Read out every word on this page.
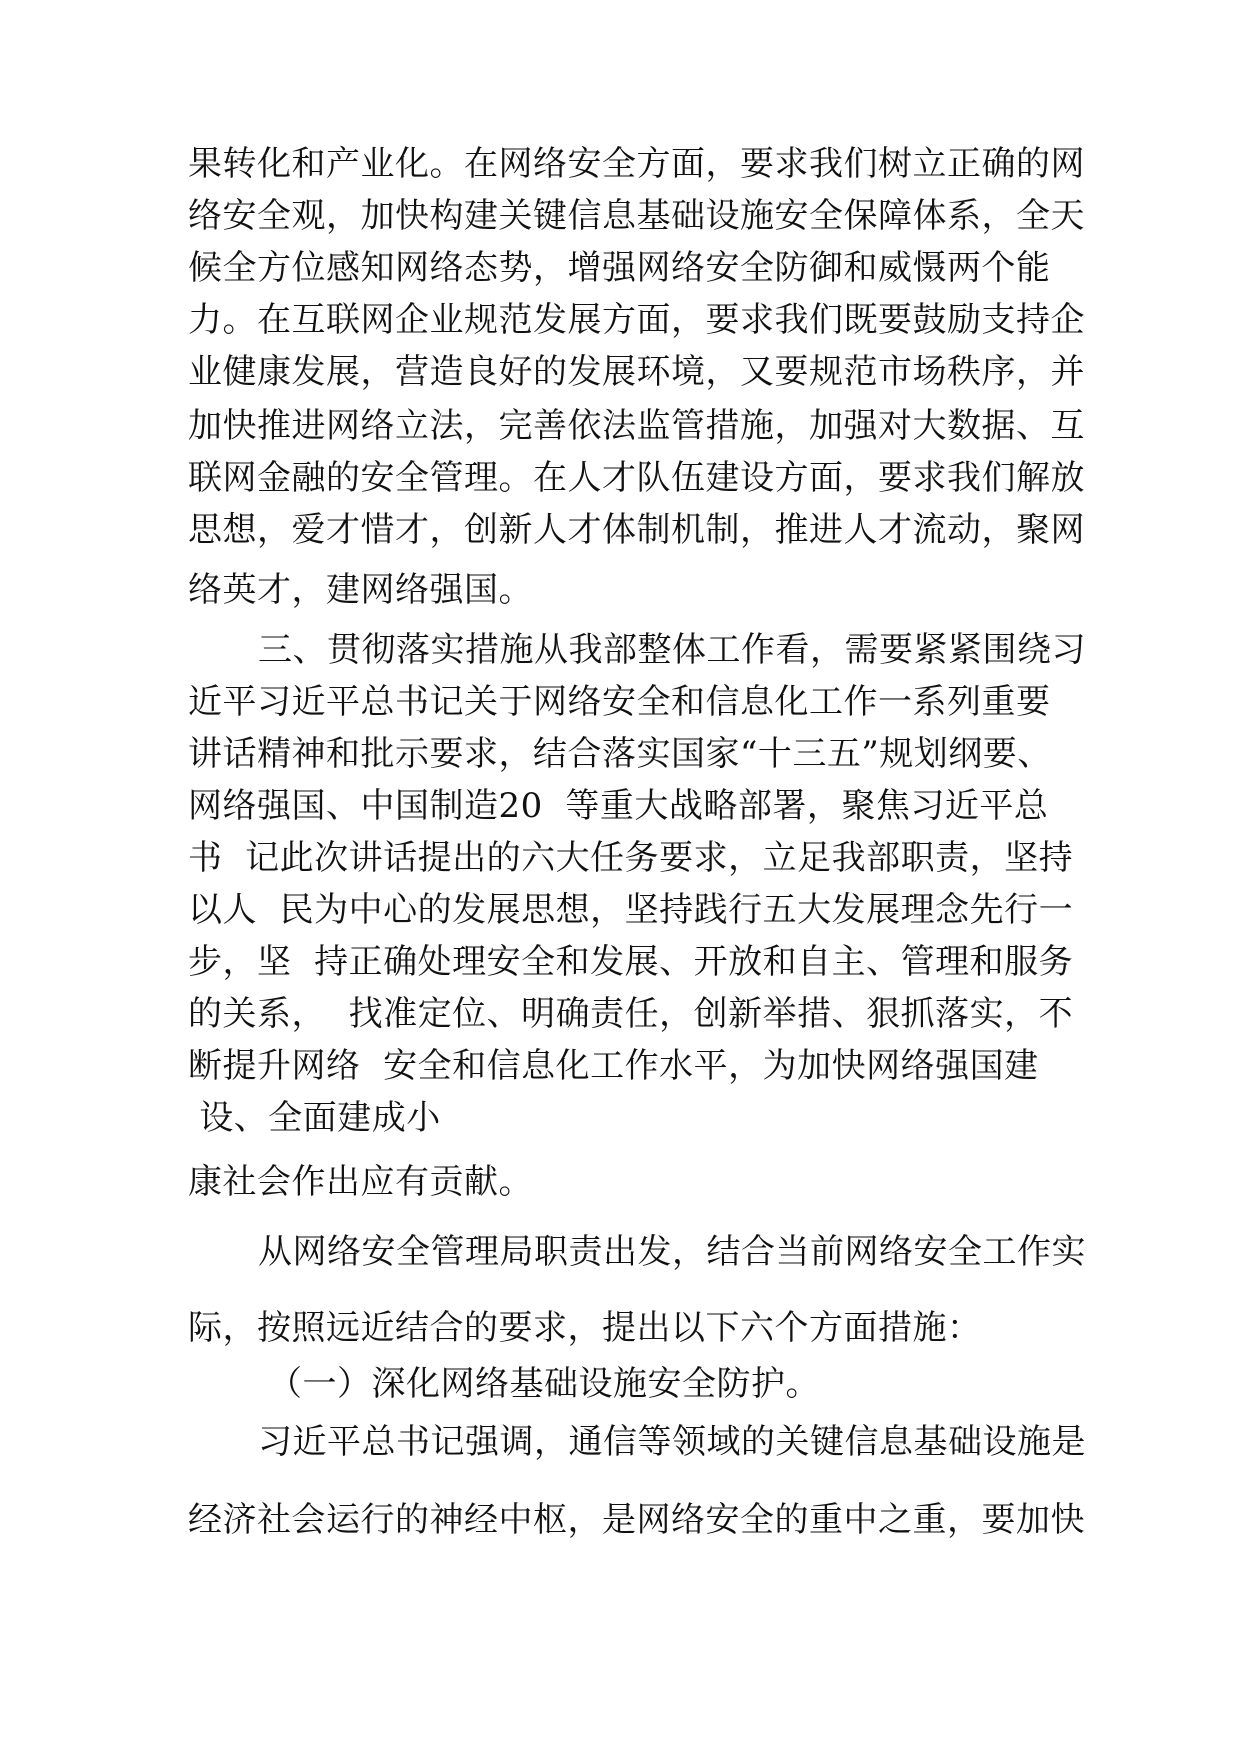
果转化和产业化。在网络安全方面，要求我们树立正确的网

络安全观，加快构建关键信息基础设施安全保障体系，全天

候全方位感知网络态势，增强网络安全防御和威慑两个能

力。在互联网企业规范发展方面，要求我们既要鼓励支持企

业健康发展，营造良好的发展环境，又要规范市场秩序，并

加快推进网络立法，完善依法监管措施，加强对大数据、互

联网金融的安全管理。在人才队伍建设方面，要求我们解放

思想，爱才惜才，创新人才体制机制，推进人才流动，聚网

络英才，建网络强国。

三、贯彻落实措施从我部整体工作看，需要紧紧围绕习

近平习近平总书记关于网络安全和信息化工作一系列重要

讲话精神和批示要求，结合落实国家“十三五”规划纲要、

网络强国、中国制造20  等重大战略部署，聚焦习近平总

书  记此次讲话提出的六大任务要求，立足我部职责，坚持

以人  民为中心的发展思想，坚持践行五大发展理念先行一

步，坚  持正确处理安全和发展、开放和自主、管理和服务

的关系，  找准定位、明确责任，创新举措、狠抓落实，不

断提升网络  安全和信息化工作水平，为加快网络强国建

设、全面建成小

康社会作出应有贡献。

从网络安全管理局职责出发，结合当前网络安全工作实

际，按照远近结合的要求，提出以下六个方面措施：

（一）深化网络基础设施安全防护。

习近平总书记强调，通信等领域的关键信息基础设施是

经济社会运行的神经中枢，是网络安全的重中之重，要加快
